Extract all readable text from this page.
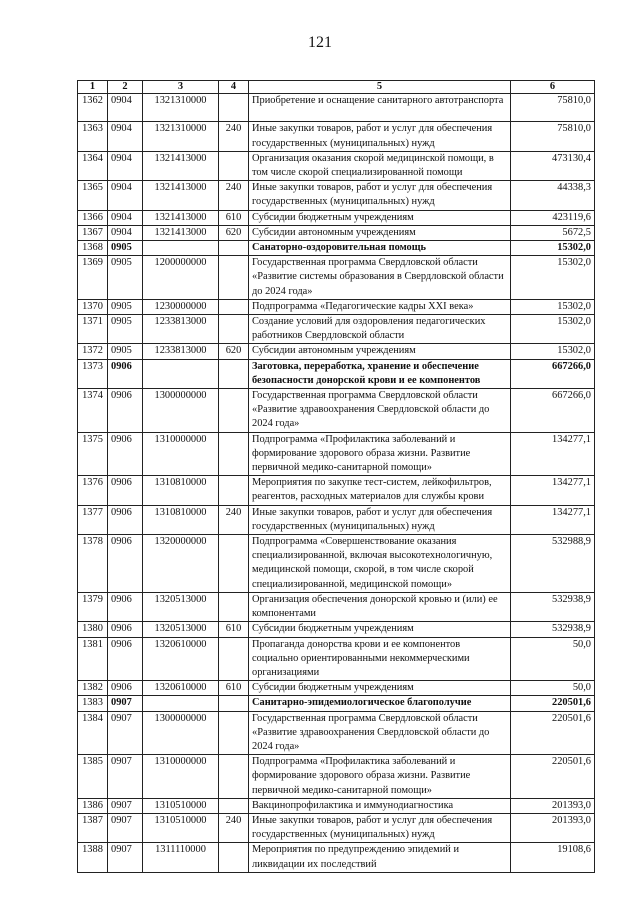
121
1	2	3	4	5	6
1362	0904	1321310000		Приобретение и оснащение санитарного автотранспорта	75810,0
1363	0904	1321310000	240	Иные закупки товаров, работ и услуг для обеспечения государственных (муниципальных) нужд	75810,0
1364	0904	1321413000		Организация оказания скорой медицинской помощи, в том числе скорой специализированной помощи	473130,4
1365	0904	1321413000	240	Иные закупки товаров, работ и услуг для обеспечения государственных (муниципальных) нужд	44338,3
1366	0904	1321413000	610	Субсидии бюджетным учреждениям	423119,6
1367	0904	1321413000	620	Субсидии автономным учреждениям	5672,5
1368	0905			Санаторно-оздоровительная помощь	15302,0
1369	0905	1200000000		Государственная программа Свердловской области «Развитие системы образования в Свердловской области до 2024 года»	15302,0
1370	0905	1230000000		Подпрограмма «Педагогические кадры XXI века»	15302,0
1371	0905	1233813000		Создание условий для оздоровления педагогических работников Свердловской области	15302,0
1372	0905	1233813000	620	Субсидии автономным учреждениям	15302,0
1373	0906			Заготовка, переработка, хранение и обеспечение безопасности донорской крови и ее компонентов	667266,0
1374	0906	1300000000		Государственная программа Свердловской области «Развитие здравоохранения Свердловской области до 2024 года»	667266,0
1375	0906	1310000000		Подпрограмма «Профилактика заболеваний и формирование здорового образа жизни. Развитие первичной медико-санитарной помощи»	134277,1
1376	0906	1310810000		Мероприятия по закупке тест-систем, лейкофильтров, реагентов, расходных материалов для службы крови	134277,1
1377	0906	1310810000	240	Иные закупки товаров, работ и услуг для обеспечения государственных (муниципальных) нужд	134277,1
1378	0906	1320000000		Подпрограмма «Совершенствование оказания специализированной, включая высокотехнологичную, медицинской помощи, скорой, в том числе скорой специализированной, медицинской помощи»	532988,9
1379	0906	1320513000		Организация обеспечения донорской кровью и (или) ее компонентами	532938,9
1380	0906	1320513000	610	Субсидии бюджетным учреждениям	532938,9
1381	0906	1320610000		Пропаганда донорства крови и ее компонентов социально ориентированными некоммерческими организациями	50,0
1382	0906	1320610000	610	Субсидии бюджетным учреждениям	50,0
1383	0907			Санитарно-эпидемиологическое благополучие	220501,6
1384	0907	1300000000		Государственная программа Свердловской области «Развитие здравоохранения Свердловской области до 2024 года»	220501,6
1385	0907	1310000000		Подпрограмма «Профилактика заболеваний и формирование здорового образа жизни. Развитие первичной медико-санитарной помощи»	220501,6
1386	0907	1310510000		Вакцинопрофилактика и иммунодиагностика	201393,0
1387	0907	1310510000	240	Иные закупки товаров, работ и услуг для обеспечения государственных (муниципальных) нужд	201393,0
1388	0907	1311110000		Мероприятия по предупреждению эпидемий и ликвидации их последствий	19108,6
